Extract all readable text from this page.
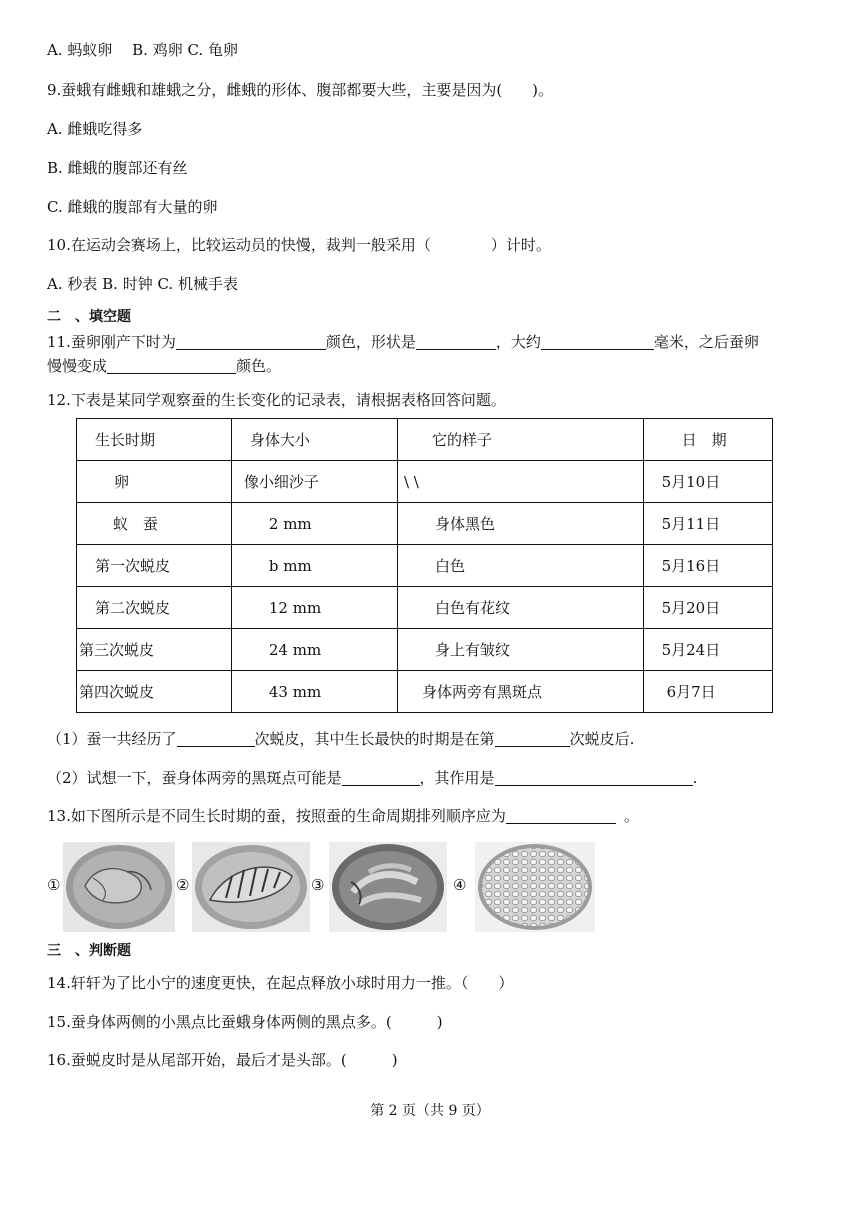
A. 蚂蚁卵　 B. 鸡卵 C. 龟卵
9.蚕蛾有雌蛾和雄蛾之分，雌蛾的形体、腹部都要大些，主要是因为(　　)。
A. 雌蛾吃得多
B. 雌蛾的腹部还有丝
C. 雌蛾的腹部有大量的卵
10.在运动会赛场上，比较运动员的快慢，裁判一般采用（　　　　）计时。
A. 秒表 B. 时钟 C. 机械手表
二　、填空题
11.蚕卵刚产下时为	颜色，形状是	，大约	毫米，之后蚕卵
慢慢变成	颜色。
12.下表是某同学观察蚕的生长变化的记录表，请根据表格回答问题。
生长时期	身体大小	它的样子	日　期
卵	像小细沙子	\ \	5月10日
蚁　蚕	2 mm	身体黑色	5月11日
第一次蜕皮	b mm	白色	5月16日
第二次蜕皮	12 mm	白色有花纹	5月20日
第三次蜕皮	24 mm	身上有皱纹	5月24日
第四次蜕皮	43 mm	身体两旁有黑斑点	6月7日
（1）蚕一共经历了	次蜕皮，其中生长最快的时期是在第	次蜕皮后.
（2）试想一下，蚕身体两旁的黑斑点可能是	，其作用是	.
13.如下图所示是不同生长时期的蚕，按照蚕的生命周期排列顺序应为	。
①	②	③	④
三　、判断题
14.轩轩为了比小宁的速度更快，在起点释放小球时用力一推。（　　）
15.蚕身体两侧的小黑点比蚕蛾身体两侧的黑点多。(　　　)
16.蚕蜕皮时是从尾部开始，最后才是头部。(　　　)
第 2 页（共 9 页）
